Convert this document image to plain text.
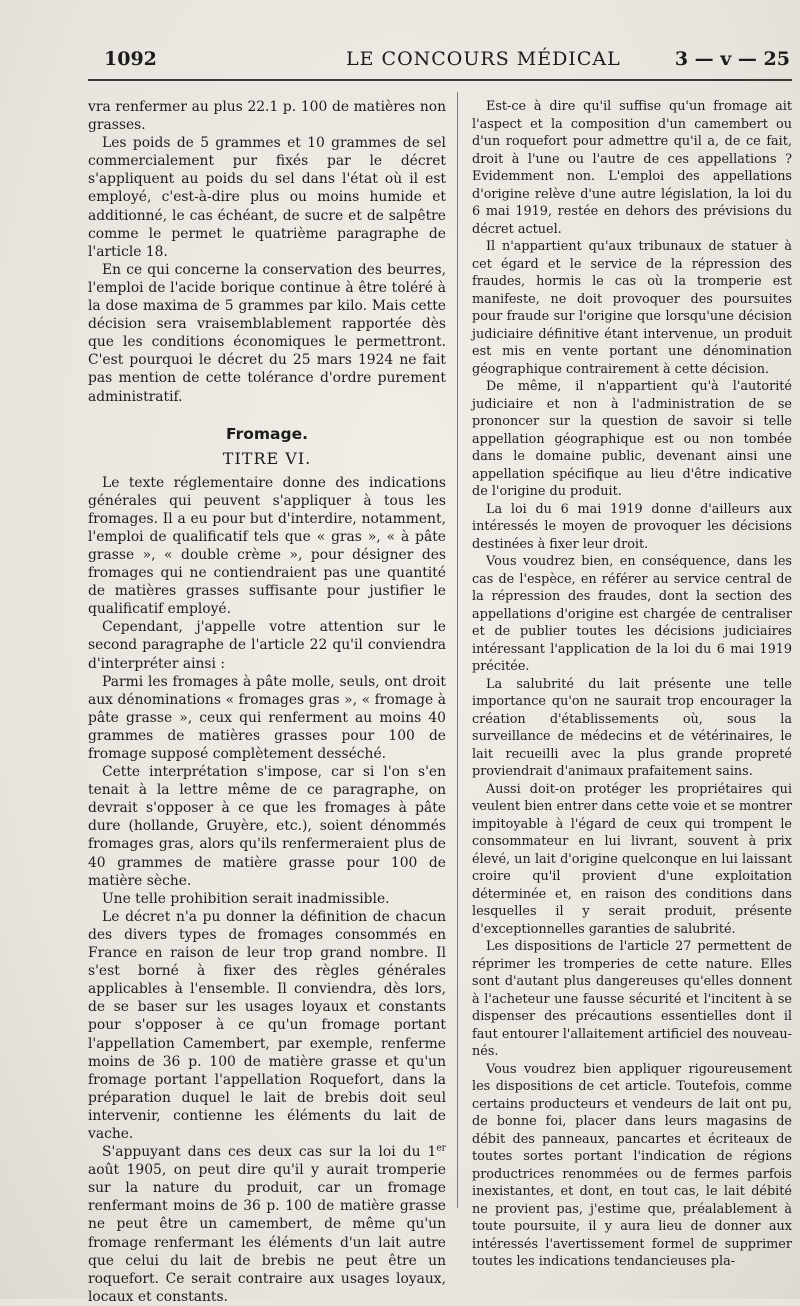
1092	LE CONCOURS MÉDICAL	3 — v — 25

vra renfermer au plus 22.1 p. 100 de matières non grasses.

Les poids de 5 grammes et 10 grammes de sel commercialement pur fixés par le décret s'appliquent au poids du sel dans l'état où il est employé, c'est-à-dire plus ou moins humide et additionné, le cas échéant, de sucre et de salpêtre comme le permet le quatrième paragraphe de l'article 18.

En ce qui concerne la conservation des beurres, l'emploi de l'acide borique continue à être toléré à la dose maxima de 5 grammes par kilo. Mais cette décision sera vraisemblablement rapportée dès que les conditions économiques le permettront. C'est pourquoi le décret du 25 mars 1924 ne fait pas mention de cette tolérance d'ordre purement administratif.

Fromage.
TITRE VI.

Le texte réglementaire donne des indications générales qui peuvent s'appliquer à tous les fromages. Il a eu pour but d'interdire, notamment, l'emploi de qualificatif tels que « gras », « à pâte grasse », « double crème », pour désigner des fromages qui ne contiendraient pas une quantité de matières grasses suffisante pour justifier le qualificatif employé.

Cependant, j'appelle votre attention sur le second paragraphe de l'article 22 qu'il conviendra d'interpréter ainsi :

Parmi les fromages à pâte molle, seuls, ont droit aux dénominations « fromages gras », « fromage à pâte grasse », ceux qui renferment au moins 40 grammes de matières grasses pour 100 de fromage supposé complètement desséché.

Cette interprétation s'impose, car si l'on s'en tenait à la lettre même de ce paragraphe, on devrait s'opposer à ce que les fromages à pâte dure (hollande, Gruyère, etc.), soient dénommés fromages gras, alors qu'ils renfermeraient plus de 40 grammes de matière grasse pour 100 de matière sèche.

Une telle prohibition serait inadmissible.

Le décret n'a pu donner la définition de chacun des divers types de fromages consommés en France en raison de leur trop grand nombre. Il s'est borné à fixer des règles générales applicables à l'ensemble. Il conviendra, dès lors, de se baser sur les usages loyaux et constants pour s'opposer à ce qu'un fromage portant l'appellation Camembert, par exemple, renferme moins de 36 p. 100 de matière grasse et qu'un fromage portant l'appellation Roquefort, dans la préparation duquel le lait de brebis doit seul intervenir, contienne les éléments du lait de vache.

S'appuyant dans ces deux cas sur la loi du 1er août 1905, on peut dire qu'il y aurait tromperie sur la nature du produit, car un fromage renfermant moins de 36 p. 100 de matière grasse ne peut être un camembert, de même qu'un fromage renfermant les éléments d'un lait autre que celui du lait de brebis ne peut être un roquefort. Ce serait contraire aux usages loyaux, locaux et constants.

Est-ce à dire qu'il suffise qu'un fromage ait l'aspect et la composition d'un camembert ou d'un roquefort pour admettre qu'il a, de ce fait, droit à l'une ou l'autre de ces appellations ? Evidemment non. L'emploi des appellations d'origine relève d'une autre législation, la loi du 6 mai 1919, restée en dehors des prévisions du décret actuel.

Il n'appartient qu'aux tribunaux de statuer à cet égard et le service de la répression des fraudes, hormis le cas où la tromperie est manifeste, ne doit provoquer des poursuites pour fraude sur l'origine que lorsqu'une décision judiciaire définitive étant intervenue, un produit est mis en vente portant une dénomination géographique contrairement à cette décision.

De même, il n'appartient qu'à l'autorité judiciaire et non à l'administration de se prononcer sur la question de savoir si telle appellation géographique est ou non tombée dans le domaine public, devenant ainsi une appellation spécifique au lieu d'être indicative de l'origine du produit.

La loi du 6 mai 1919 donne d'ailleurs aux intéressés le moyen de provoquer les décisions destinées à fixer leur droit.

Vous voudrez bien, en conséquence, dans les cas de l'espèce, en référer au service central de la répression des fraudes, dont la section des appellations d'origine est chargée de centraliser et de publier toutes les décisions judiciaires intéressant l'application de la loi du 6 mai 1919 précitée.

La salubrité du lait présente une telle importance qu'on ne saurait trop encourager la création d'établissements où, sous la surveillance de médecins et de vétérinaires, le lait recueilli avec la plus grande propreté proviendrait d'animaux prafaitement sains.

Aussi doit-on protéger les propriétaires qui veulent bien entrer dans cette voie et se montrer impitoyable à l'égard de ceux qui trompent le consommateur en lui livrant, souvent à prix élevé, un lait d'origine quelconque en lui laissant croire qu'il provient d'une exploitation déterminée et, en raison des conditions dans lesquelles il y serait produit, présente d'exceptionnelles garanties de salubrité.

Les dispositions de l'article 27 permettent de réprimer les tromperies de cette nature. Elles sont d'autant plus dangereuses qu'elles donnent à l'acheteur une fausse sécurité et l'incitent à se dispenser des précautions essentielles dont il faut entourer l'allaitement artificiel des nouveau-nés.

Vous voudrez bien appliquer rigoureusement les dispositions de cet article. Toutefois, comme certains producteurs et vendeurs de lait ont pu, de bonne foi, placer dans leurs magasins de débit des panneaux, pancartes et écriteaux de toutes sortes portant l'indication de régions productrices renommées ou de fermes parfois inexistantes, et dont, en tout cas, le lait débité ne provient pas, j'estime que, préalablement à toute poursuite, il y aura lieu de donner aux intéressés l'avertissement formel de supprimer toutes les indications tendancieuses pla-
